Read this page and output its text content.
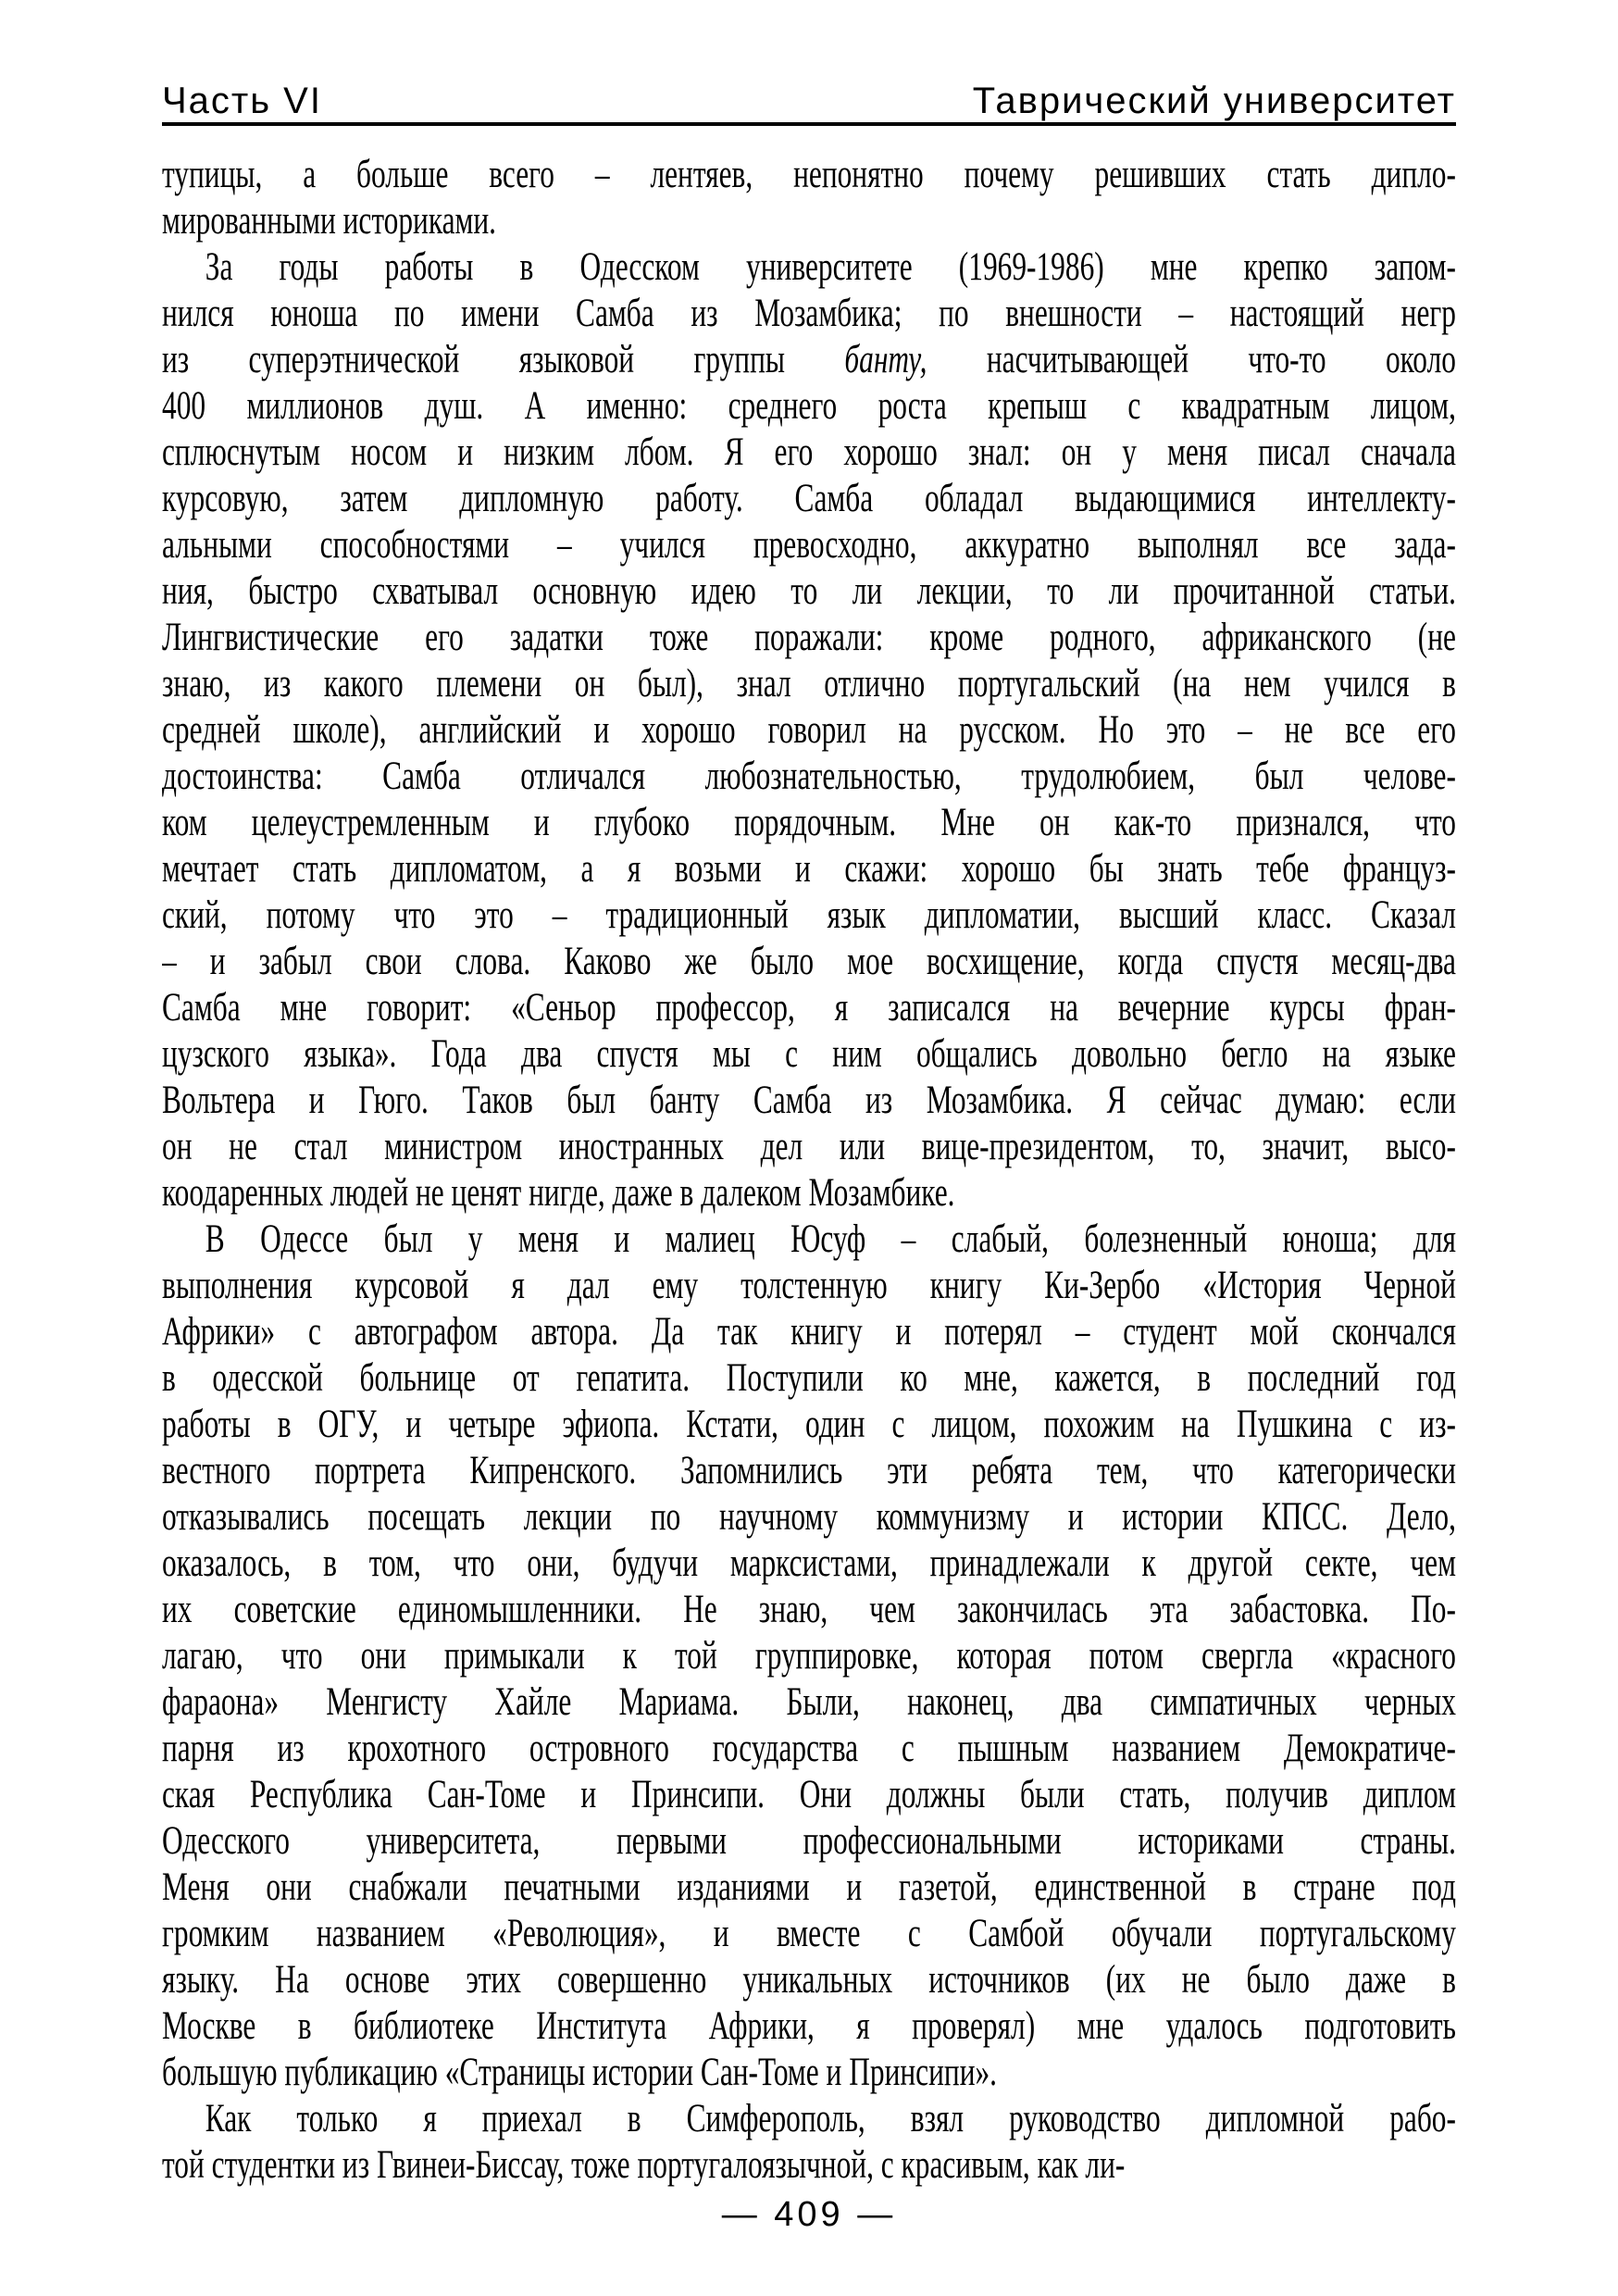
Часть VI	Таврический университет
тупицы, а больше всего – лентяев, непонятно почему решивших стать дипло-
мированными историками.
За годы работы в Одесском университете (1969-1986) мне крепко запом-
нился юноша по имени Самба из Мозамбика; по внешности – настоящий негр
из суперэтнической языковой группы банту, насчитывающей что-то около
400 миллионов душ. А именно: среднего роста крепыш с квадратным лицом,
сплюснутым носом и низким лбом. Я его хорошо знал: он у меня писал сначала
курсовую, затем дипломную работу. Самба обладал выдающимися интеллекту-
альными способностями – учился превосходно, аккуратно выполнял все зада-
ния, быстро схватывал основную идею то ли лекции, то ли прочитанной статьи.
Лингвистические его задатки тоже поражали: кроме родного, африканского (не
знаю, из какого племени он был), знал отлично португальский (на нем учился в
средней школе), английский и хорошо говорил на русском. Но это – не все его
достоинства: Самба отличался любознательностью, трудолюбием, был челове-
ком целеустремленным и глубоко порядочным. Мне он как-то признался, что
мечтает стать дипломатом, а я возьми и скажи: хорошо бы знать тебе француз-
ский, потому что это – традиционный язык дипломатии, высший класс. Сказал
– и забыл свои слова. Каково же было мое восхищение, когда спустя месяц-два
Самба мне говорит: «Сеньор профессор, я записался на вечерние курсы фран-
цузского языка». Года два спустя мы с ним общались довольно бегло на языке
Вольтера и Гюго. Таков был банту Самба из Мозамбика. Я сейчас думаю: если
он не стал министром иностранных дел или вице-президентом, то, значит, высо-
коодаренных людей не ценят нигде, даже в далеком Мозамбике.
В Одессе был у меня и малиец Юсуф – слабый, болезненный юноша; для
выполнения курсовой я дал ему толстенную книгу Ки-Зербо «История Черной
Африки» с автографом автора. Да так книгу и потерял – студент мой скончался
в одесской больнице от гепатита. Поступили ко мне, кажется, в последний год
работы в ОГУ, и четыре эфиопа. Кстати, один с лицом, похожим на Пушкина с из-
вестного портрета Кипренского. Запомнились эти ребята тем, что категорически
отказывались посещать лекции по научному коммунизму и истории КПСС. Дело,
оказалось, в том, что они, будучи марксистами, принадлежали к другой секте, чем
их советские единомышленники. Не знаю, чем закончилась эта забастовка. По-
лагаю, что они примыкали к той группировке, которая потом свергла «красного
фараона» Менгисту Хайле Мариама. Были, наконец, два симпатичных черных
парня из крохотного островного государства с пышным названием Демократиче-
ская Республика Сан-Томе и Принсипи. Они должны были стать, получив диплом
Одесского университета, первыми профессиональными историками страны.
Меня они снабжали печатными изданиями и газетой, единственной в стране под
громким названием «Революция», и вместе с Самбой обучали португальскому
языку. На основе этих совершенно уникальных источников (их не было даже в
Москве в библиотеке Института Африки, я проверял) мне удалось подготовить
большую публикацию «Страницы истории Сан-Томе и Принсипи».
Как только я приехал в Симферополь, взял руководство дипломной рабо-
той студентки из Гвинеи-Биссау, тоже португалоязычной, с красивым, как ли-
— 409 —
